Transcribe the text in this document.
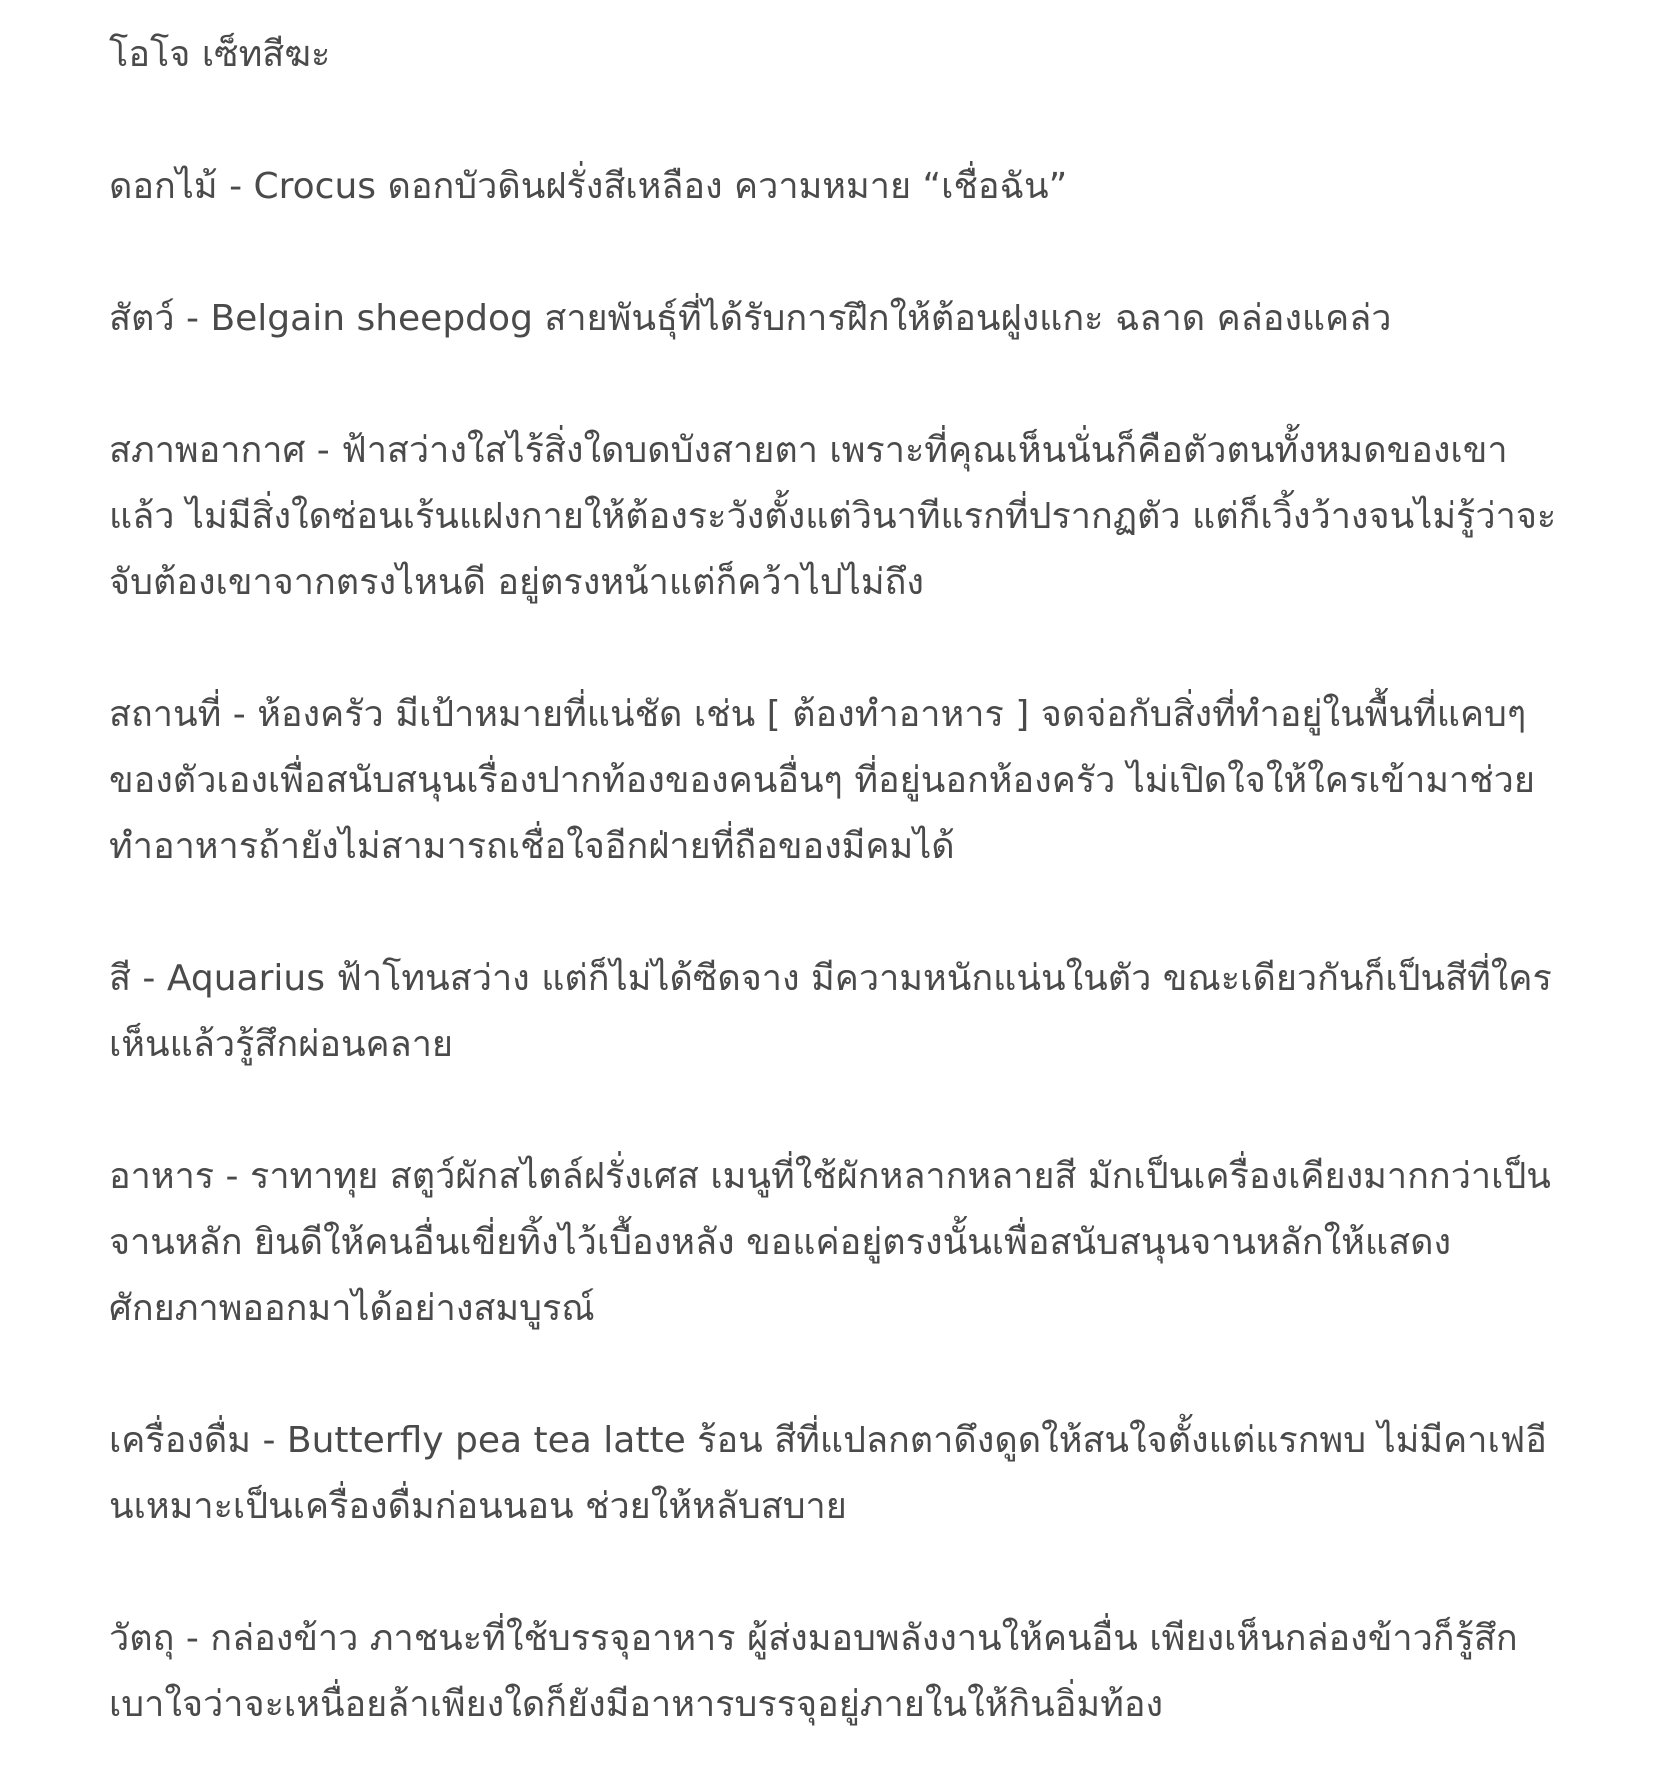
โอโจ เซ็ทสีฆะ

ดอกไม้ - Crocus ดอกบัวดินฝรั่งสีเหลือง ความหมาย “เชื่อฉัน”

สัตว์ - Belgain sheepdog สายพันธุ์ที่ได้รับการฝึกให้ต้อนฝูงแกะ ฉลาด คล่องแคล่ว

สภาพอากาศ - ฟ้าสว่างใสไร้สิ่งใดบดบังสายตา เพราะที่คุณเห็นนั่นก็คือตัวตนทั้งหมดของเขาแล้ว ไม่มีสิ่งใดซ่อนเร้นแฝงกายให้ต้องระวังตั้งแต่วินาทีแรกที่ปรากฏตัว แต่ก็เวิ้งว้างจนไม่รู้ว่าจะจับต้องเขาจากตรงไหนดี อยู่ตรงหน้าแต่ก็คว้าไปไม่ถึง

สถานที่ - ห้องครัว มีเป้าหมายที่แน่ชัด เช่น [ ต้องทำอาหาร ] จดจ่อกับสิ่งที่ทำอยู่ในพื้นที่แคบๆของตัวเองเพื่อสนับสนุนเรื่องปากท้องของคนอื่นๆ ที่อยู่นอกห้องครัว ไม่เปิดใจให้ใครเข้ามาช่วยทำอาหารถ้ายังไม่สามารถเชื่อใจอีกฝ่ายที่ถือของมีคมได้

สี - Aquarius ฟ้าโทนสว่าง แต่ก็ไม่ได้ซีดจาง มีความหนักแน่นในตัว ขณะเดียวกันก็เป็นสีที่ใครเห็นแล้วรู้สึกผ่อนคลาย

อาหาร - ราทาทุย สตูว์ผักสไตล์ฝรั่งเศส เมนูที่ใช้ผักหลากหลายสี มักเป็นเครื่องเคียงมากกว่าเป็นจานหลัก ยินดีให้คนอื่นเขี่ยทิ้งไว้เบื้องหลัง ขอแค่อยู่ตรงนั้นเพื่อสนับสนุนจานหลักให้แสดงศักยภาพออกมาได้อย่างสมบูรณ์

เครื่องดื่ม - Butterfly pea tea latte ร้อน สีที่แปลกตาดึงดูดให้สนใจตั้งแต่แรกพบ ไม่มีคาเฟอีนเหมาะเป็นเครื่องดื่มก่อนนอน ช่วยให้หลับสบาย

วัตถุ - กล่องข้าว ภาชนะที่ใช้บรรจุอาหาร ผู้ส่งมอบพลังงานให้คนอื่น เพียงเห็นกล่องข้าวก็รู้สึกเบาใจว่าจะเหนื่อยล้าเพียงใดก็ยังมีอาหารบรรจุอยู่ภายในให้กินอิ่มท้อง
